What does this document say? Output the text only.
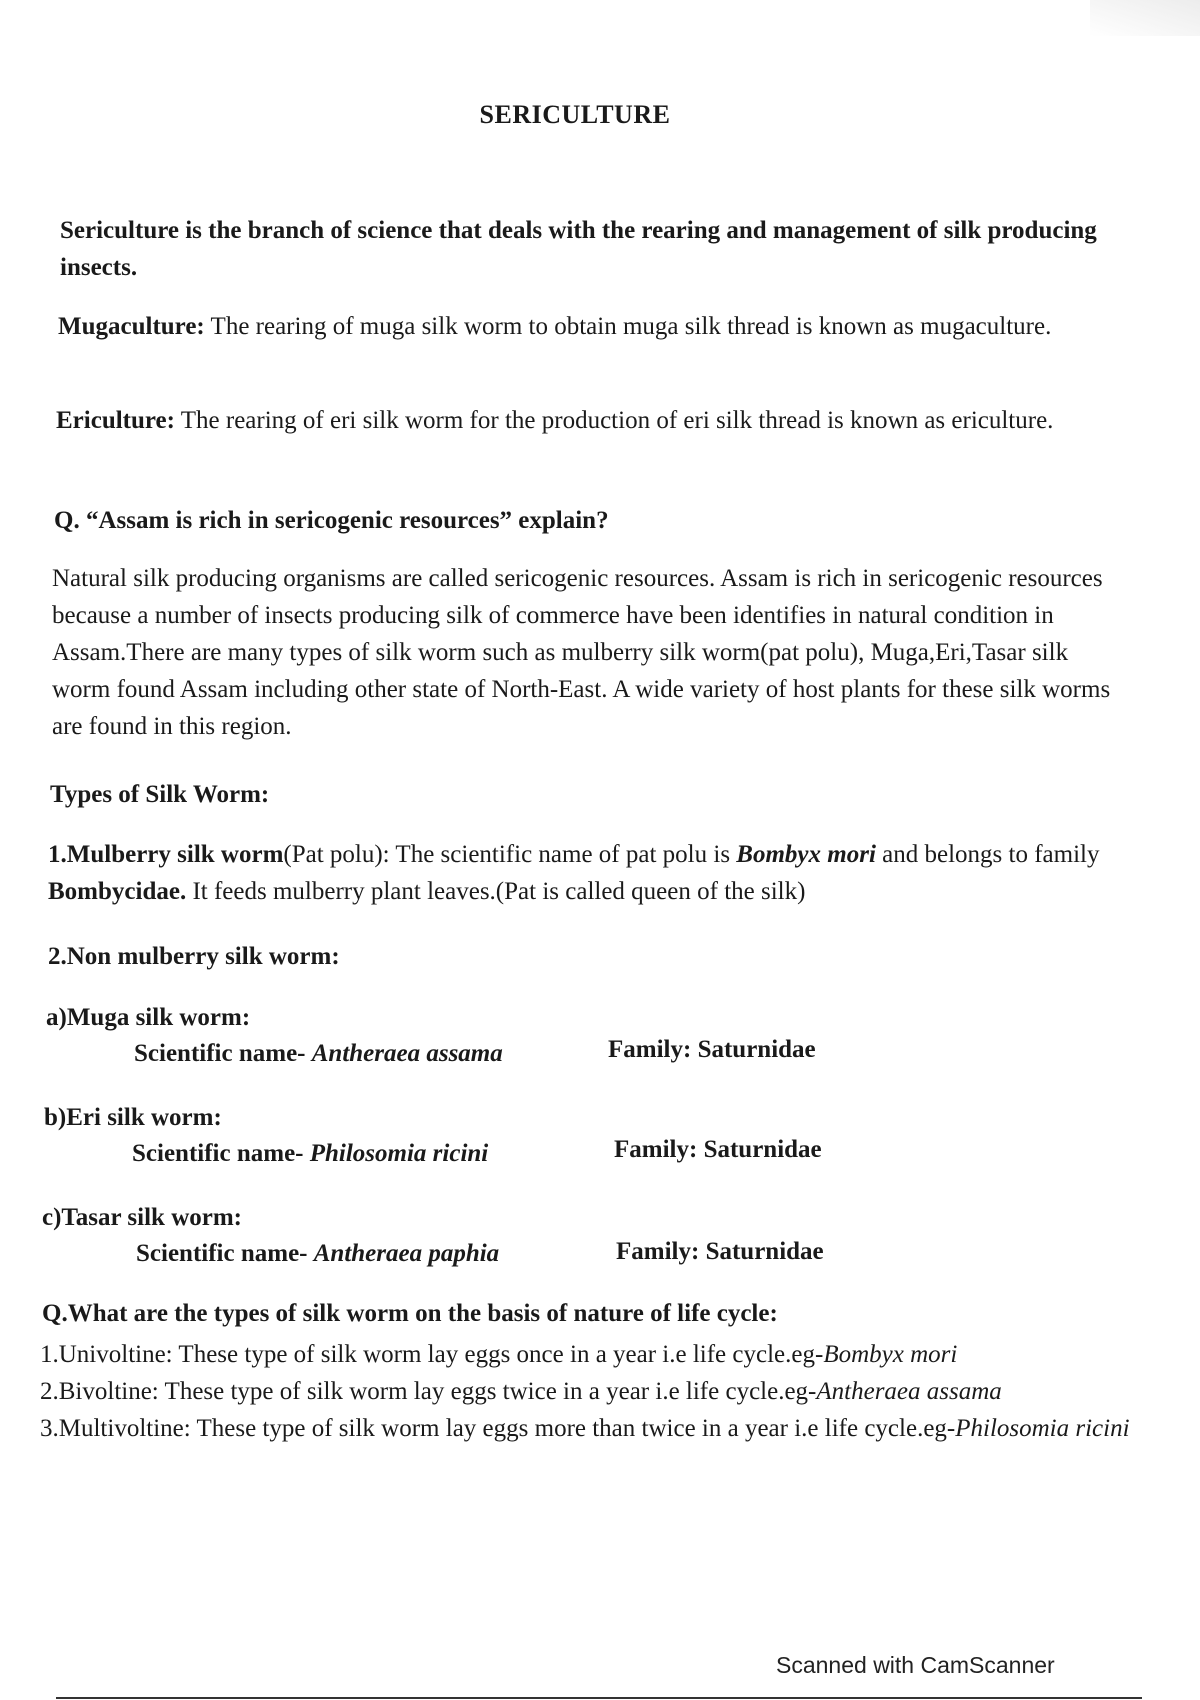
SERICULTURE
Sericulture is the branch of science that deals with the rearing and management of silk producing insects.
Mugaculture: The rearing of muga silk worm to obtain muga silk thread is known as mugaculture.
Ericulture: The rearing of eri silk worm for the production of eri silk thread is known as ericulture.
Q. “Assam is rich in sericogenic resources” explain?
Natural silk producing organisms are called sericogenic resources. Assam is rich in sericogenic resources because a number of insects producing silk of commerce have been identifies in natural condition in Assam.There are many types of silk worm such as mulberry silk worm(pat polu), Muga,Eri,Tasar silk worm found Assam including other state of North-East. A wide variety of host plants for these silk worms are found in this region.
Types of Silk Worm:
1.Mulberry silk worm(Pat polu): The scientific name of pat polu is Bombyx mori and belongs to family Bombycidae. It feeds mulberry plant leaves.(Pat is called queen of the silk)
2.Non mulberry silk worm:
a)Muga silk worm:
Scientific name- Antheraea assama	Family: Saturnidae
b)Eri silk worm:
Scientific name- Philosomia ricini	Family: Saturnidae
c)Tasar silk worm:
Scientific name- Antheraea paphia	Family: Saturnidae
Q.What are the types of silk worm on the basis of nature of life cycle:
1.Univoltine: These type of silk worm lay eggs once in a year i.e life cycle.eg-Bombyx mori
2.Bivoltine: These type of silk worm lay eggs twice in a year i.e life cycle.eg-Antheraea assama
3.Multivoltine: These type of silk worm lay eggs more than twice in a year i.e life cycle.eg-Philosomia ricini
Scanned with CamScanner
